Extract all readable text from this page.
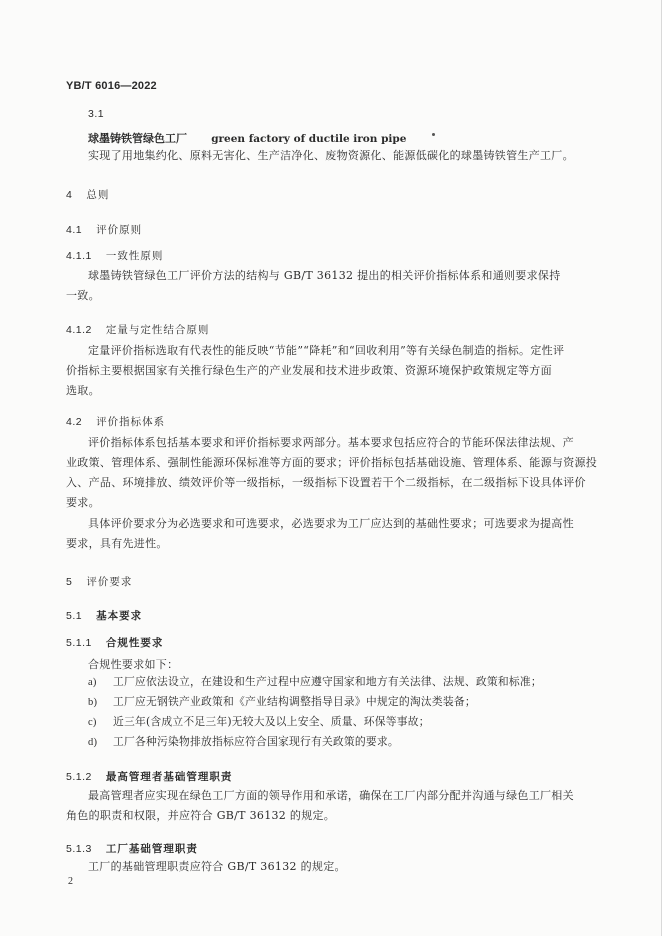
YB/T 6016—2022
3.1
球墨铸铁管绿色工厂 green factory of ductile iron pipe
实现了用地集约化、原料无害化、生产洁净化、废物资源化、能源低碳化的球墨铸铁管生产工厂。
4 总则
4.1 评价原则
4.1.1 一致性原则
球墨铸铁管绿色工厂评价方法的结构与 GB/T 36132 提出的相关评价指标体系和通则要求保持
一致。
4.1.2 定量与定性结合原则
定量评价指标选取有代表性的能反映“节能”“降耗”和“回收利用”等有关绿色制造的指标。定性评
价指标主要根据国家有关推行绿色生产的产业发展和技术进步政策、资源环境保护政策规定等方面
选取。
4.2 评价指标体系
评价指标体系包括基本要求和评价指标要求两部分。基本要求包括应符合的节能环保法律法规、产
业政策、管理体系、强制性能源环保标准等方面的要求；评价指标包括基础设施、管理体系、能源与资源投
入、产品、环境排放、绩效评价等一级指标，一级指标下设置若干个二级指标，在二级指标下设具体评价
要求。
具体评价要求分为必选要求和可选要求，必选要求为工厂应达到的基础性要求；可选要求为提高性
要求，具有先进性。
5 评价要求
5.1 基本要求
5.1.1 合规性要求
合规性要求如下：
a) 工厂应依法设立，在建设和生产过程中应遵守国家和地方有关法律、法规、政策和标准；
b) 工厂应无钢铁产业政策和《产业结构调整指导目录》中规定的淘汰类装备；
c) 近三年(含成立不足三年)无较大及以上安全、质量、环保等事故；
d) 工厂各种污染物排放指标应符合国家现行有关政策的要求。
5.1.2 最高管理者基础管理职责
最高管理者应实现在绿色工厂方面的领导作用和承诺，确保在工厂内部分配并沟通与绿色工厂相关
角色的职责和权限，并应符合 GB/T 36132 的规定。
5.1.3 工厂基础管理职责
工厂的基础管理职责应符合 GB/T 36132 的规定。
2
